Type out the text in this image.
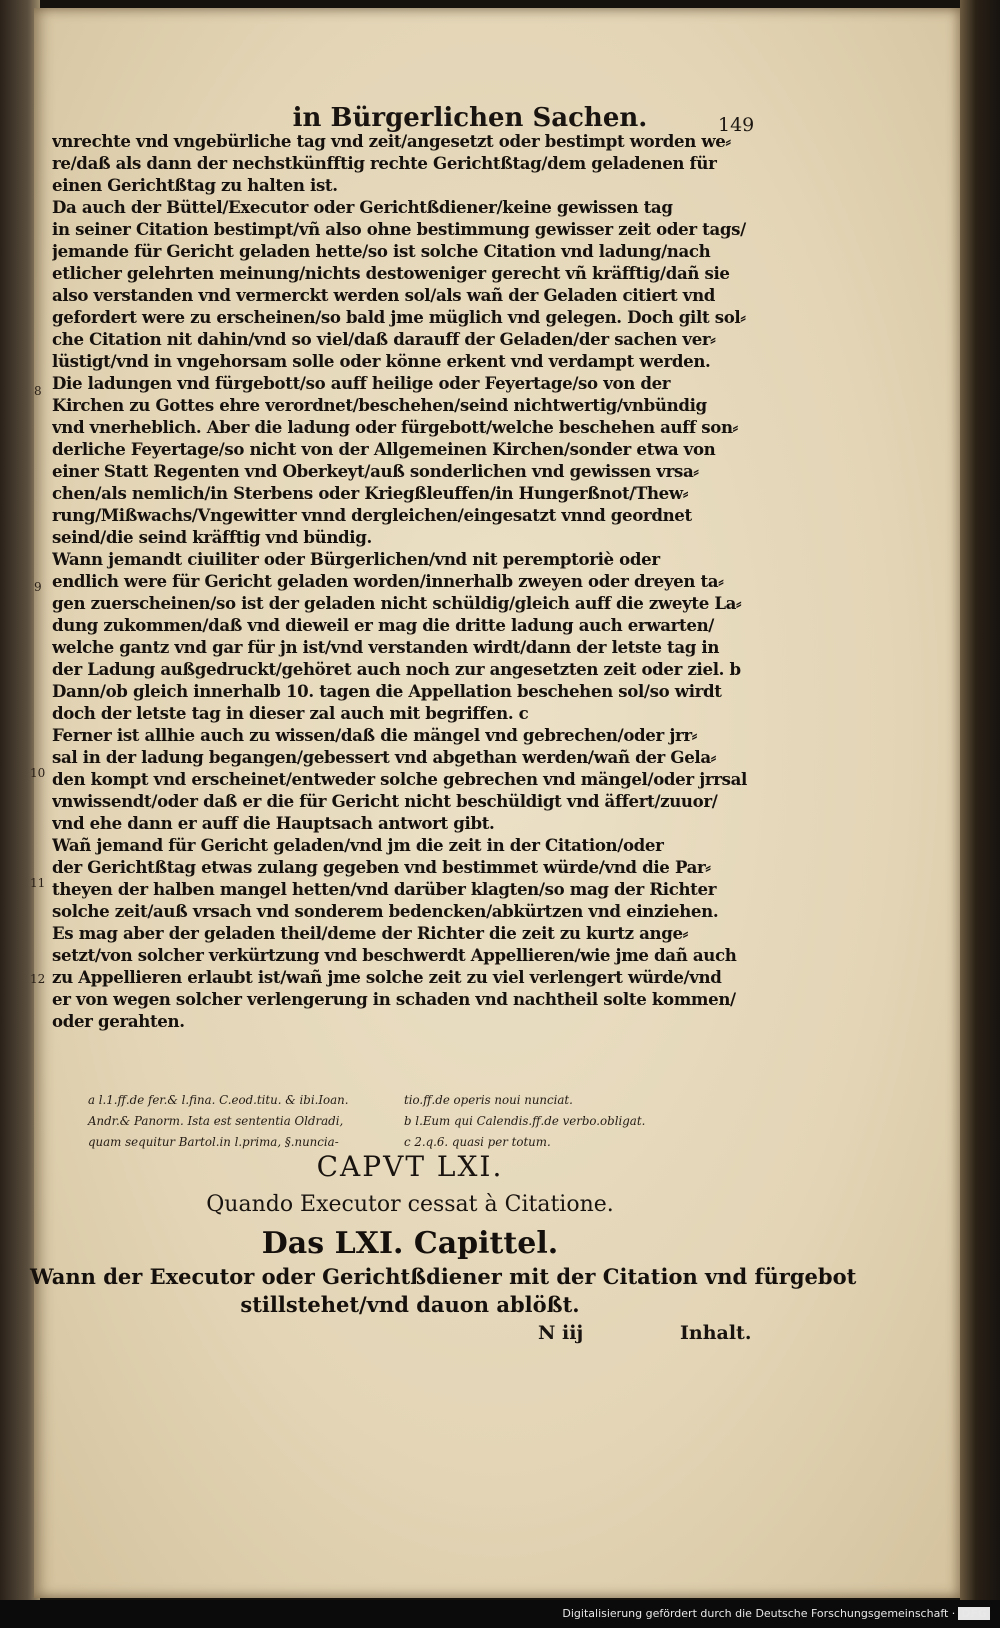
in Bürgerlichen Sachen.	149
vnrechte vnd vngebürliche tag vnd zeit/angesetzt oder bestimpt worden we⸗
re/daß als dann der nechstkünfftig rechte Gerichtßtag/dem geladenen für
einen Gerichtßtag zu halten ist.
Da auch der Büttel/Executor oder Gerichtßdiener/keine gewissen tag
in seiner Citation bestimpt/vñ also ohne bestimmung gewisser zeit oder tags/
jemande für Gericht geladen hette/so ist solche Citation vnd ladung/nach
etlicher gelehrten meinung/nichts destoweniger gerecht vñ kräfftig/dañ sie
also verstanden vnd vermerckt werden sol/als wañ der Geladen citiert vnd
gefordert were zu erscheinen/so bald jme müglich vnd gelegen. Doch gilt sol⸗
che Citation nit dahin/vnd so viel/daß darauff der Geladen/der sachen ver⸗
lüstigt/vnd in vngehorsam solle oder könne erkent vnd verdampt werden.
Die ladungen vnd fürgebott/so auff heilige oder Feyertage/so von der
Kirchen zu Gottes ehre verordnet/beschehen/seind nichtwertig/vnbündig
vnd vnerheblich. Aber die ladung oder fürgebott/welche beschehen auff son⸗
derliche Feyertage/so nicht von der Allgemeinen Kirchen/sonder etwa von
einer Statt Regenten vnd Oberkeyt/auß sonderlichen vnd gewissen vrsa⸗
chen/als nemlich/in Sterbens oder Kriegßleuffen/in Hungerßnot/Thew⸗
rung/Mißwachs/Vngewitter vnnd dergleichen/eingesatzt vnnd geordnet
seind/die seind kräfftig vnd bündig.
Wann jemandt ciuiliter oder Bürgerlichen/vnd nit peremptoriè oder
endlich were für Gericht geladen worden/innerhalb zweyen oder dreyen ta⸗
gen zuerscheinen/so ist der geladen nicht schüldig/gleich auff die zweyte La⸗
dung zukommen/daß vnd dieweil er mag die dritte ladung auch erwarten/
welche gantz vnd gar für jn ist/vnd verstanden wirdt/dann der letste tag in
der Ladung außgedruckt/gehöret auch noch zur angesetzten zeit oder ziel. b
Dann/ob gleich innerhalb 10. tagen die Appellation beschehen sol/so wirdt
doch der letste tag in dieser zal auch mit begriffen. c
Ferner ist allhie auch zu wissen/daß die mängel vnd gebrechen/oder jrr⸗
sal in der ladung begangen/gebessert vnd abgethan werden/wañ der Gela⸗
den kompt vnd erscheinet/entweder solche gebrechen vnd mängel/oder jrrsal
vnwissendt/oder daß er die für Gericht nicht beschüldigt vnd äffert/zuuor/
vnd ehe dann er auff die Hauptsach antwort gibt.
Wañ jemand für Gericht geladen/vnd jm die zeit in der Citation/oder
der Gerichtßtag etwas zulang gegeben vnd bestimmet würde/vnd die Par⸗
theyen der halben mangel hetten/vnd darüber klagten/so mag der Richter
solche zeit/auß vrsach vnd sonderem bedencken/abkürtzen vnd einziehen.
Es mag aber der geladen theil/deme der Richter die zeit zu kurtz ange⸗
setzt/von solcher verkürtzung vnd beschwerdt Appellieren/wie jme dañ auch
zu Appellieren erlaubt ist/wañ jme solche zeit zu viel verlengert würde/vnd
er von wegen solcher verlengerung in schaden vnd nachtheil solte kommen/
oder gerahten.
8
9
10
11
12
a l.1.ff.de fer.& l.fina. C.eod.titu. & ibi.Ioan.
Andr.& Panorm. Ista est sententia Oldradi,
quam sequitur Bartol.in l.prima, §.nuncia-
tio.ff.de operis noui nunciat.
b l.Eum qui Calendis.ff.de verbo.obligat.
c 2.q.6. quasi per totum.
CAPVT LXI.
Quando Executor cessat à Citatione.
Das LXI. Capittel.
Wann der Executor oder Gerichtßdiener mit der Citation vnd fürgebot
stillstehet/vnd dauon ablößt.
N iij	Inhalt.
Digitalisierung gefördert durch die Deutsche Forschungsgemeinschaft · DFG
